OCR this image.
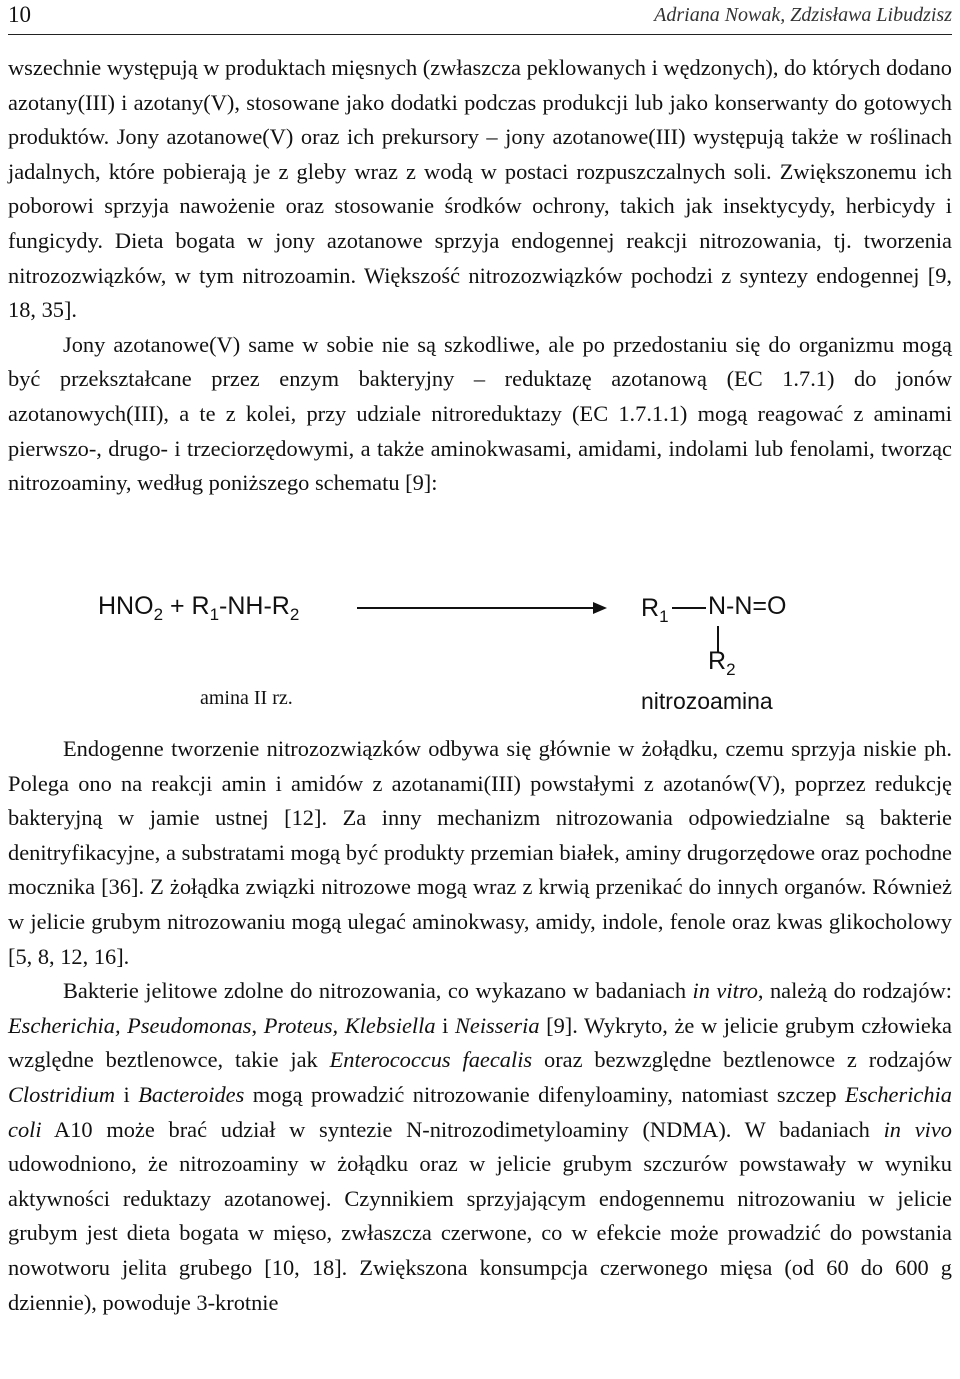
10	Adriana Nowak, Zdzisława Libudzisz

wszechnie występują w produktach mięsnych (zwłaszcza peklowanych i wędzonych), do których dodano azotany(III) i azotany(V), stosowane jako dodatki podczas produkcji lub jako konserwanty do gotowych produktów. Jony azotanowe(V) oraz ich prekursory – jony azotanowe(III) występują także w roślinach jadalnych, które pobierają je z gleby wraz z wodą w postaci rozpuszczalnych soli. Zwiększonemu ich poborowi sprzyja nawożenie oraz stosowanie środków ochrony, takich jak insektycydy, herbicydy i fungicydy. Dieta bogata w jony azotanowe sprzyja endogennej reakcji nitrozowania, tj. tworzenia nitrozozwiązków, w tym nitrozoamin. Większość nitrozozwiązków pochodzi z syntezy endogennej [9, 18, 35].

Jony azotanowe(V) same w sobie nie są szkodliwe, ale po przedostaniu się do organizmu mogą być przekształcane przez enzym bakteryjny – reduktazę azotanową (EC 1.7.1) do jonów azotanowych(III), a te z kolei, przy udziale nitroreduktazy (EC 1.7.1.1) mogą reagować z aminami pierwszo-, drugo- i trzeciorzędowymi, a także aminokwasami, amidami, indolami lub fenolami, tworząc nitrozoaminy, według poniższego schematu [9]:

$HNO_2 + R_1-NH-R_2$	$R_1$ N-N=O
$R_2$
amina II rz.	nitrozoamina

Endogenne tworzenie nitrozozwiązków odbywa się głównie w żołądku, czemu sprzyja niskie ph. Polega ono na reakcji amin i amidów z azotanami(III) powstałymi z azotanów(V), poprzez redukcję bakteryjną w jamie ustnej [12]. Za inny mechanizm nitrozowania odpowiedzialne są bakterie denitryfikacyjne, a substratami mogą być produkty przemian białek, aminy drugorzędowe oraz pochodne mocznika [36]. Z żołądka związki nitrozowe mogą wraz z krwią przenikać do innych organów. Również w jelicie grubym nitrozowaniu mogą ulegać aminokwasy, amidy, indole, fenole oraz kwas glikocholowy [5, 8, 12, 16].

Bakterie jelitowe zdolne do nitrozowania, co wykazano w badaniach in vitro, należą do rodzajów: Escherichia, Pseudomonas, Proteus, Klebsiella i Neisseria [9]. Wykryto, że w jelicie grubym człowieka względne beztlenowce, takie jak Enterococcus faecalis oraz bezwzględne beztlenowce z rodzajów Clostridium i Bacteroides mogą prowadzić nitrozowanie difenyloaminy, natomiast szczep Escherichia coli A10 może brać udział w syntezie N-nitrozodimetyloaminy (NDMA). W badaniach in vivo udowodniono, że nitrozoaminy w żołądku oraz w jelicie grubym szczurów powstawały w wyniku aktywności reduktazy azotanowej. Czynnikiem sprzyjającym endogennemu nitrozowaniu w jelicie grubym jest dieta bogata w mięso, zwłaszcza czerwone, co w efekcie może prowadzić do powstania nowotworu jelita grubego [10, 18]. Zwiększona konsumpcja czerwonego mięsa (od 60 do 600 g dziennie), powoduje 3-krotnie
